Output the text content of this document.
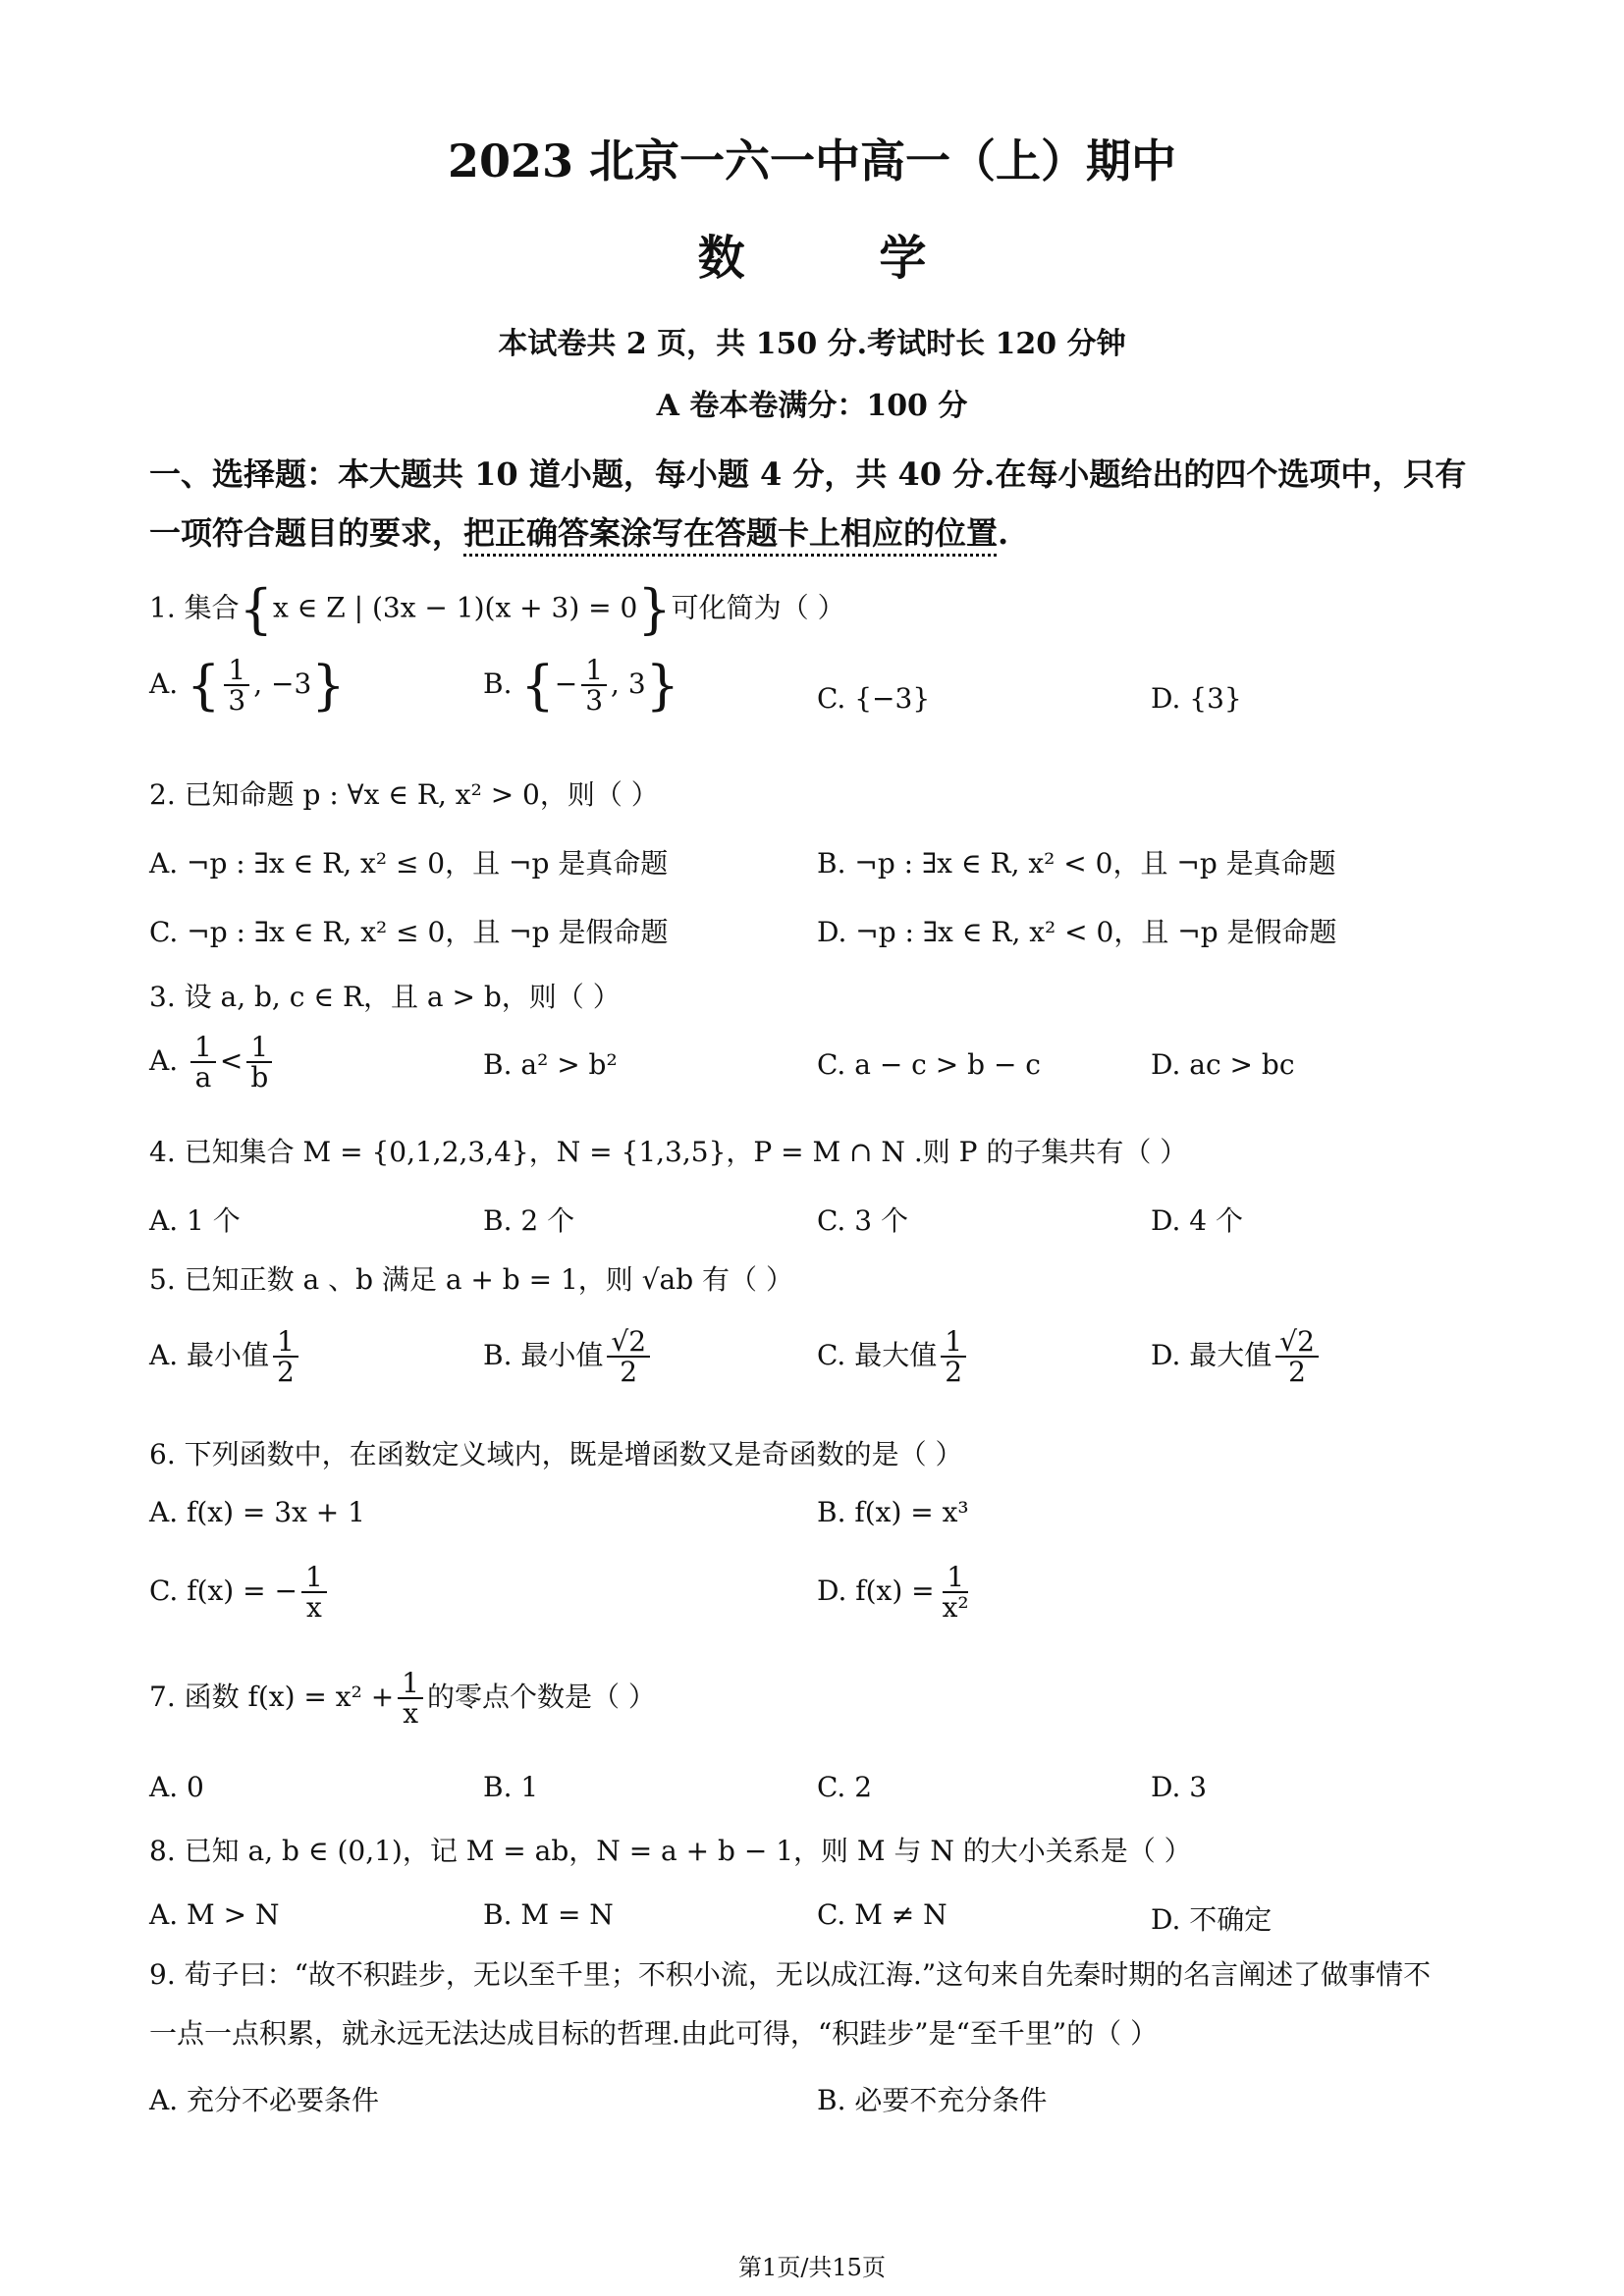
2023 北京一六一中高一（上）期中
数 学
本试卷共 2 页，共 150 分.考试时长 120 分钟
A 卷本卷满分：100 分
一、选择题：本大题共 10 道小题，每小题 4 分，共 40 分.在每小题给出的四个选项中，只有
一项符合题目的要求，把正确答案涂写在答题卡上相应的位置.
1. 集合{x ∈ Z | (3x − 1)(x + 3) = 0}可化简为（ ）
A. { $\frac{1}{3}$ , −3}	B. {− $\frac{1}{3}$ , 3}	C. {−3}	D. {3}
2. 已知命题 p : ∀x ∈ R, x² > 0，则（ ）
A. ¬p : ∃x ∈ R, x² ≤ 0，且 ¬p 是真命题	B. ¬p : ∃x ∈ R, x² < 0，且 ¬p 是真命题
C. ¬p : ∃x ∈ R, x² ≤ 0，且 ¬p 是假命题	D. ¬p : ∃x ∈ R, x² < 0，且 ¬p 是假命题
3. 设 a, b, c ∈ R，且 a > b，则（ ）
A. $\frac{1}{a} < \frac{1}{b}$	B. a² > b²	C. a − c > b − c	D. ac > bc
4. 已知集合 M = {0,1,2,3,4}，N = {1,3,5}，P = M ∩ N .则 P 的子集共有（ ）
A. 1 个	B. 2 个	C. 3 个	D. 4 个
5. 已知正数 a 、b 满足 a + b = 1，则 √ab 有（ ）
A. 最小值 $\frac{1}{2}$	B. 最小值 $\frac{√2}{2}$	C. 最大值 $\frac{1}{2}$	D. 最大值 $\frac{√2}{2}$
6. 下列函数中，在函数定义域内，既是增函数又是奇函数的是（ ）
A. f(x) = 3x + 1	B. f(x) = x³
C. f(x) = − $\frac{1}{x}$	D. $f(x) = \frac{1}{\text{x²}}$
7. 函数 $f(x) = x^2 + \frac{1}{x}$ 的零点个数是（ ）
A. 0	B. 1	C. 2	D. 3
8. 已知 a, b ∈ (0,1)，记 M = ab，N = a + b − 1，则 M 与 N 的大小关系是（ ）
A. M > N	B. M = N	C. M ≠ N	D. 不确定
9. 荀子曰：“故不积跬步，无以至千里；不积小流，无以成江海.”这句来自先秦时期的名言阐述了做事情不
一点一点积累，就永远无法达成目标的哲理.由此可得，“积跬步”是“至千里”的（ ）
A. 充分不必要条件	B. 必要不充分条件
第1页/共15页
